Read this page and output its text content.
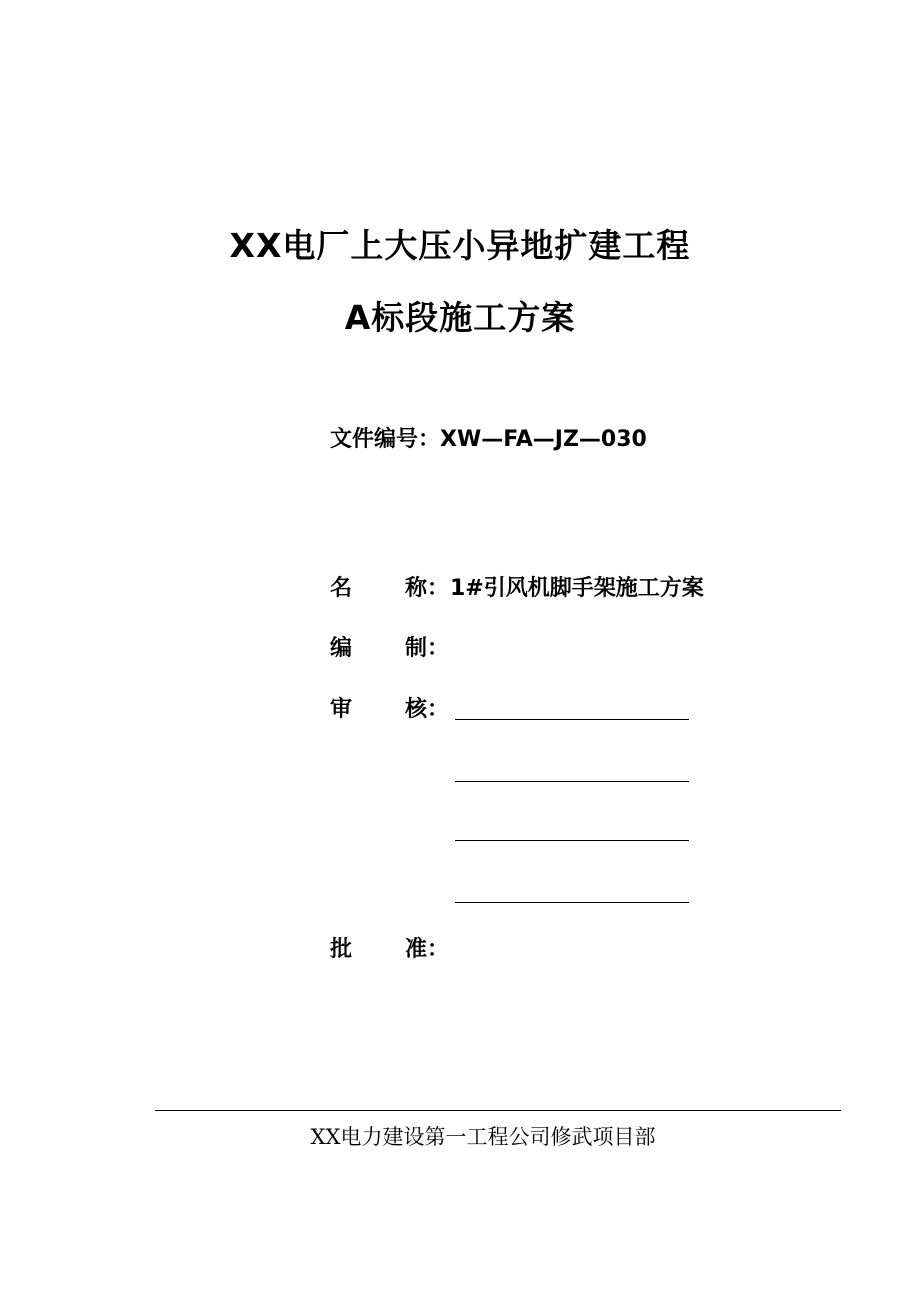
XX电厂上大压小异地扩建工程
A标段施工方案
文件编号：XW—FA—JZ—030
名 称： 1#引风机脚手架施工方案
编 制：
审 核：
批 准：
XX电力建设第一工程公司修武项目部
